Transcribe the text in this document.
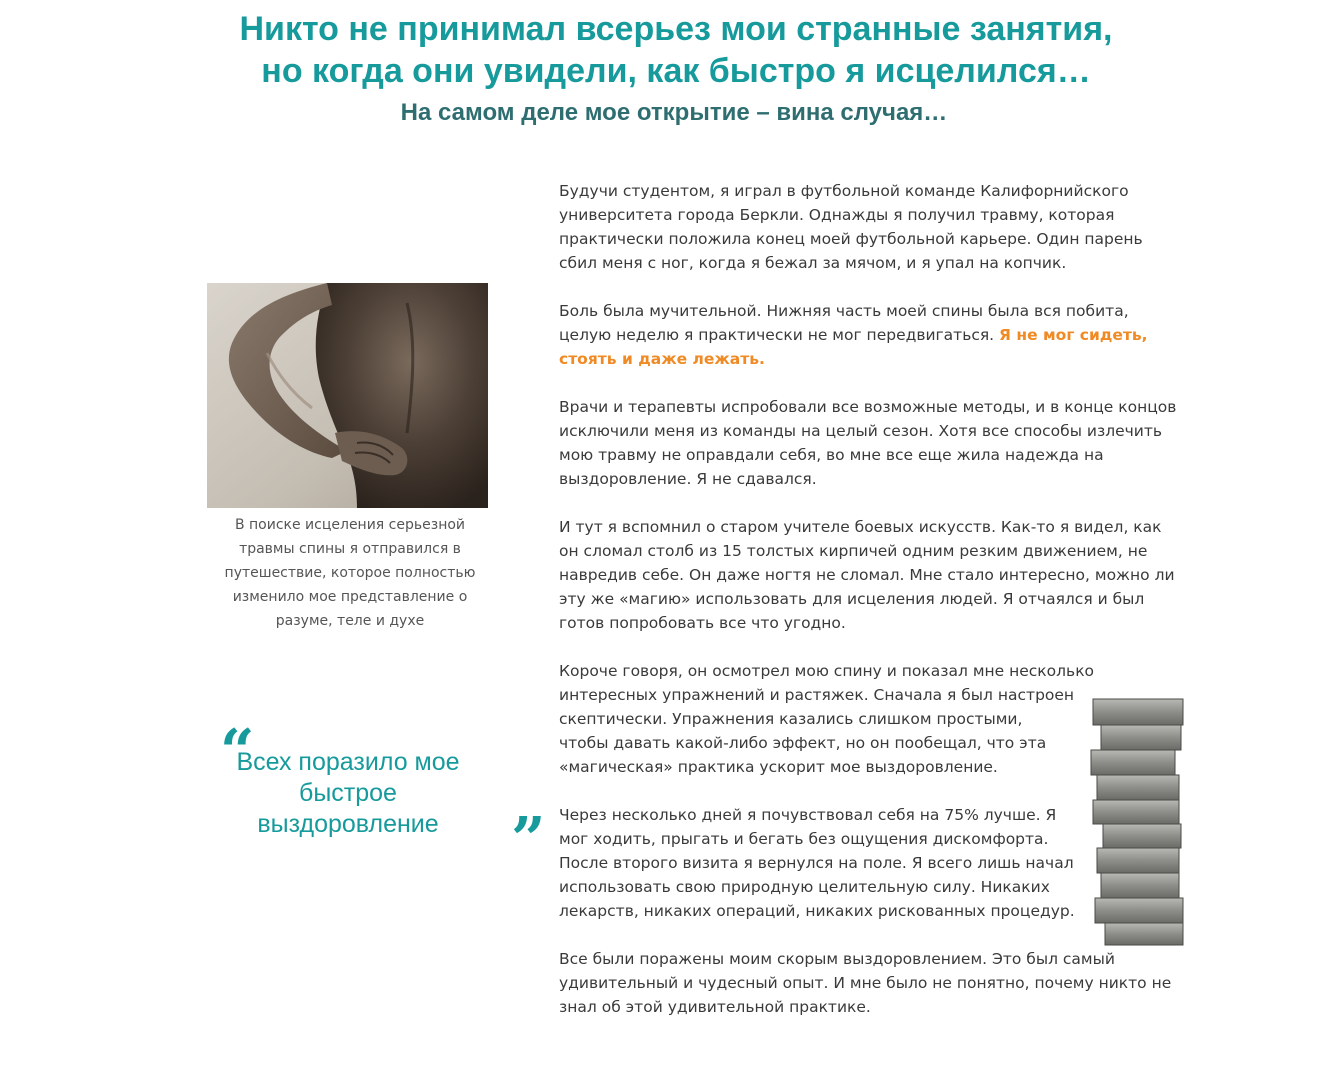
Никто не принимал всерьез мои странные занятия,
но когда они увидели, как быстро я исцелился…
На самом деле мое открытие – вина случая…
В поиске исцеления серьезной травмы спины я отправился в путешествие, которое полностью изменило мое представление о разуме, теле и духе
“
Всех поразило мое быстрое выздоровление	”

Будучи студентом, я играл в футбольной команде Калифорнийского университета города Беркли. Однажды я получил травму, которая практически положила конец моей футбольной карьере. Один парень сбил меня с ног, когда я бежал за мячом, и я упал на копчик.

Боль была мучительной. Нижняя часть моей спины была вся побита, целую неделю я практически не мог передвигаться. Я не мог сидеть, стоять и даже лежать.

Врачи и терапевты испробовали все возможные методы, и в конце концов исключили меня из команды на целый сезон. Хотя все способы излечить мою травму не оправдали себя, во мне все еще жила надежда на выздоровление. Я не сдавался.

И тут я вспомнил о старом учителе боевых искусств. Как-то я видел, как он сломал столб из 15 толстых кирпичей одним резким движением, не навредив себе. Он даже ногтя не сломал. Мне стало интересно, можно ли эту же «магию» использовать для исцеления людей. Я отчаялся и был готов попробовать все что угодно.

Короче говоря, он осмотрел мою спину и показал мне несколько интересных упражнений и растяжек. Сначала я был настроен скептически. Упражнения казались слишком простыми, чтобы давать какой-либо эффект, но он пообещал, что эта «магическая» практика ускорит мое выздоровление.

Через несколько дней я почувствовал себя на 75% лучше. Я мог ходить, прыгать и бегать без ощущения дискомфорта. После второго визита я вернулся на поле. Я всего лишь начал использовать свою природную целительную силу. Никаких лекарств, никаких операций, никаких рискованных процедур.

Все были поражены моим скорым выздоровлением. Это был самый удивительный и чудесный опыт. И мне было не понятно, почему никто не знал об этой удивительной практике.
